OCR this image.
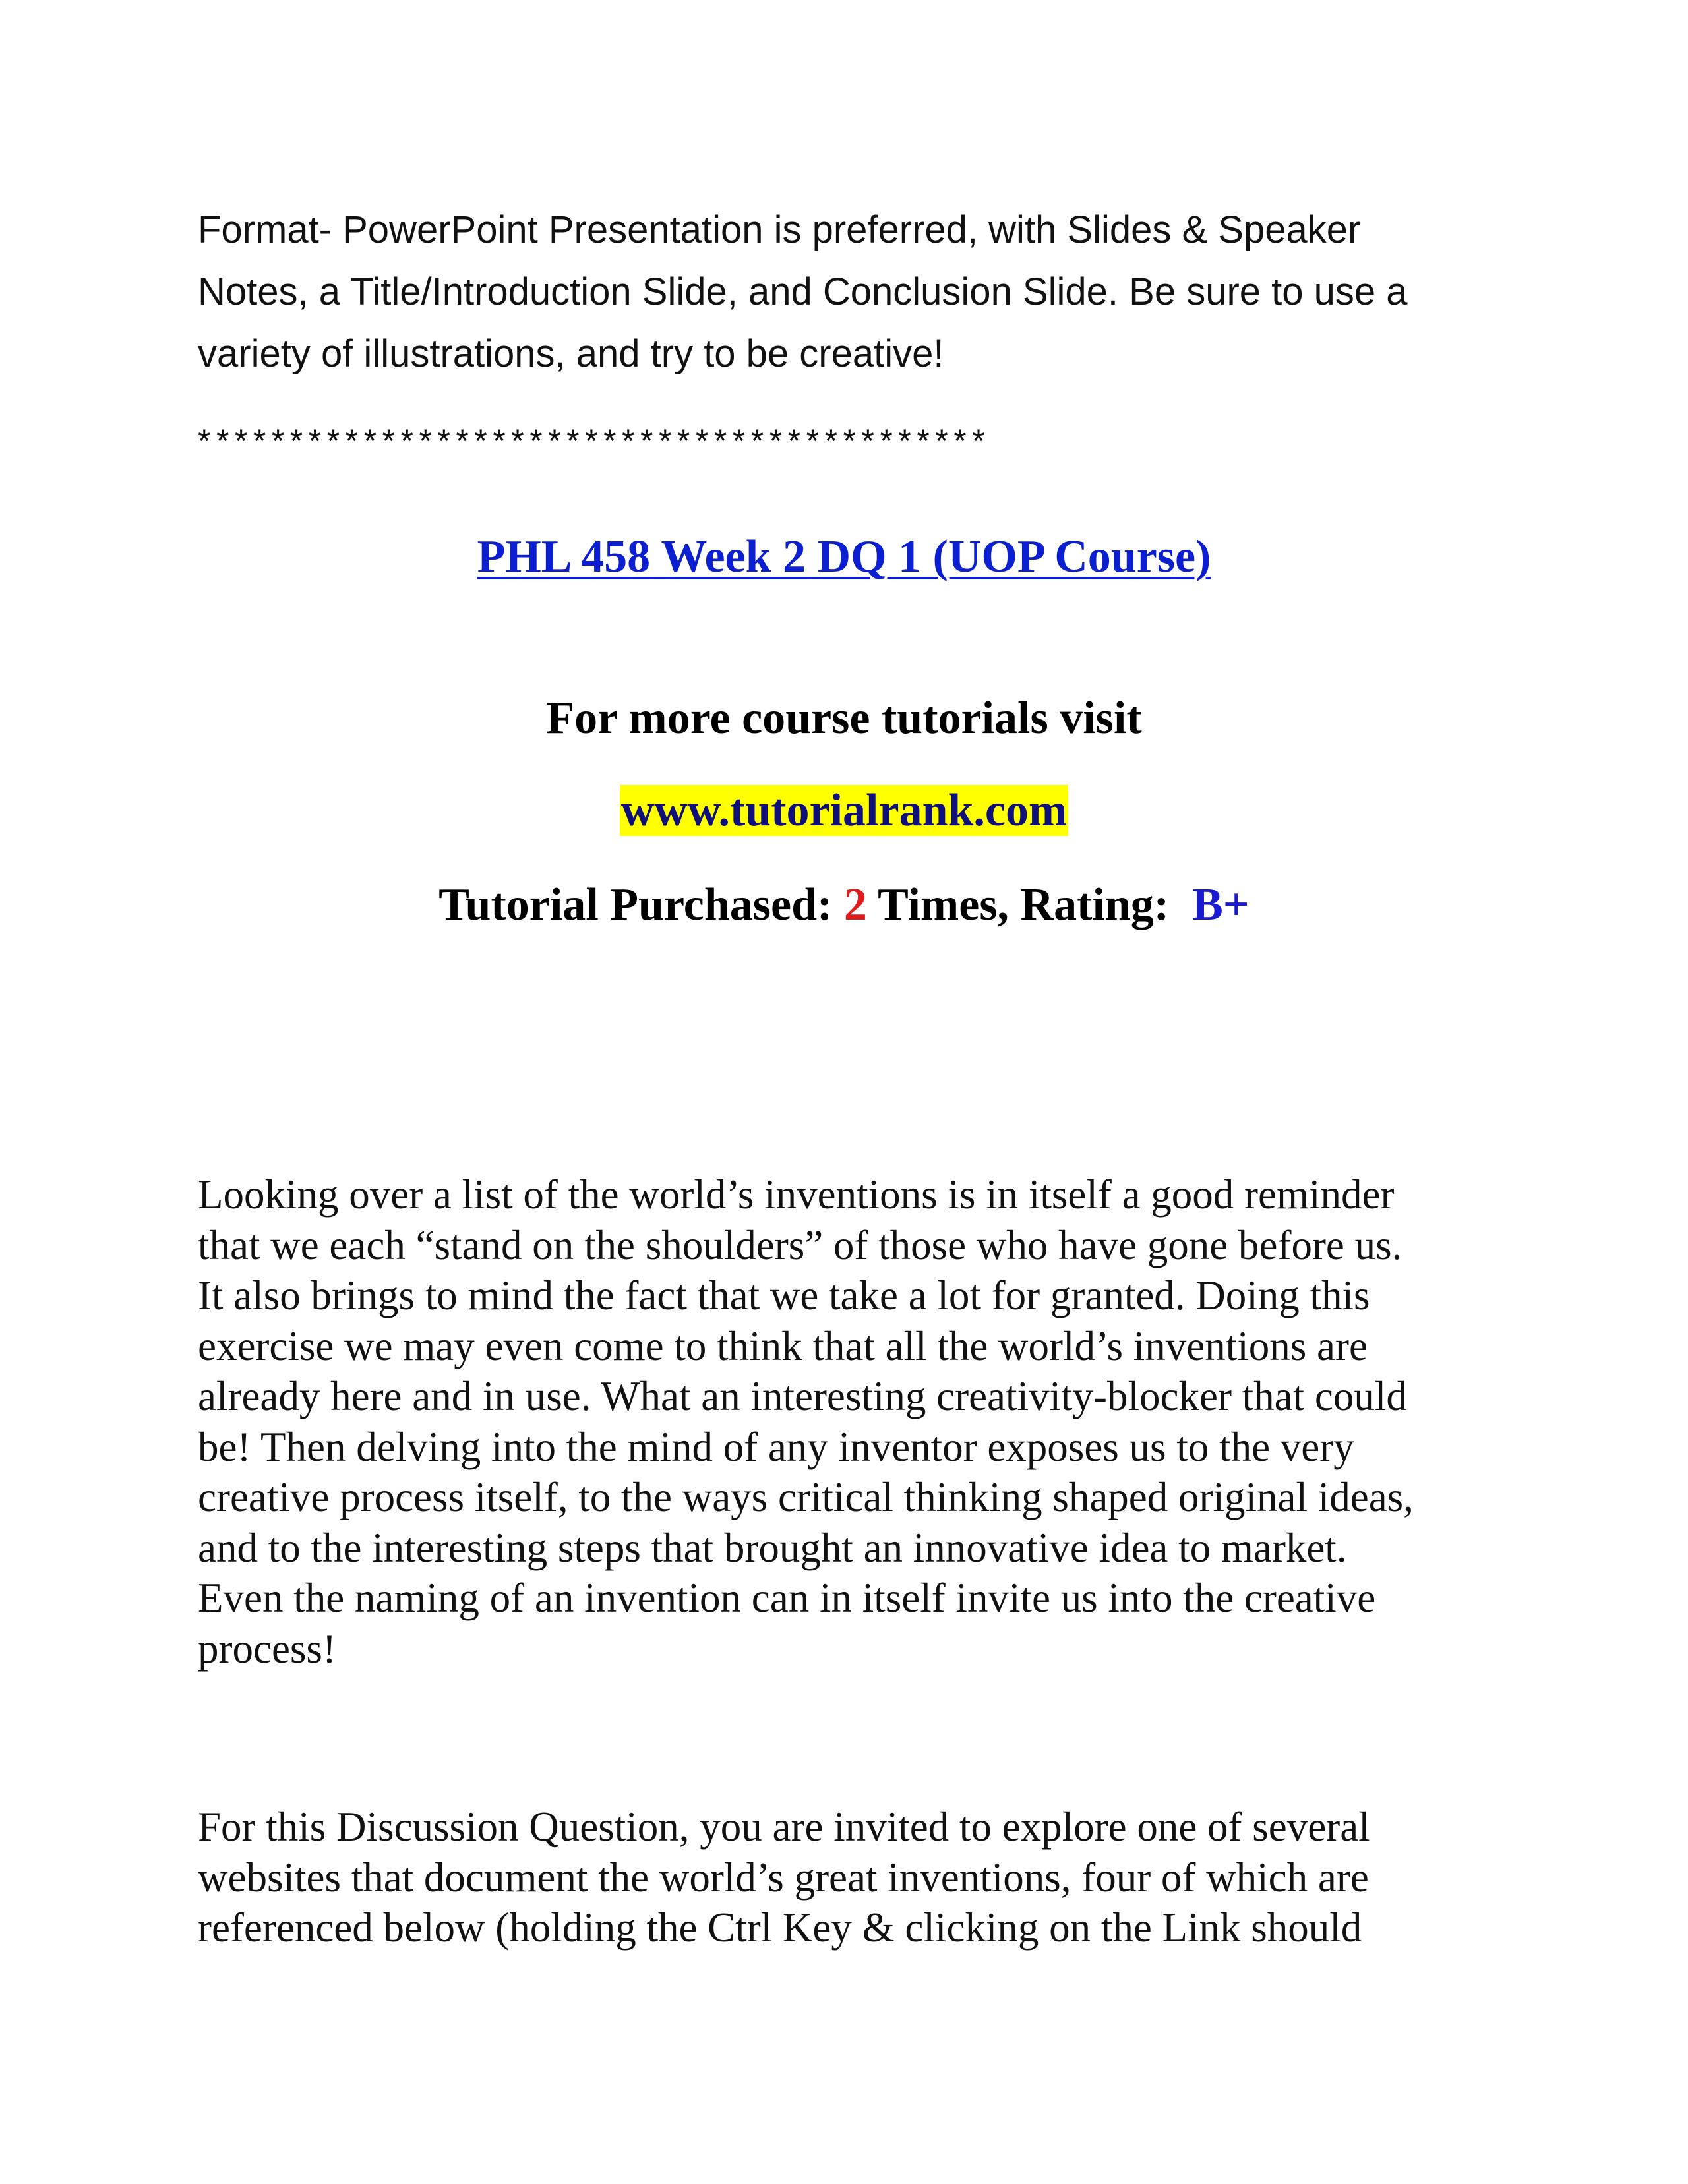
Format- PowerPoint Presentation is preferred, with Slides & Speaker
Notes, a Title/Introduction Slide, and Conclusion Slide. Be sure to use a
variety of illustrations, and try to be creative!

*******************************************

PHL 458 Week 2 DQ 1 (UOP Course)

For more course tutorials visit

www.tutorialrank.com

Tutorial Purchased: 2 Times, Rating:  B+

Looking over a list of the world’s inventions is in itself a good reminder
that we each “stand on the shoulders” of those who have gone before us.
It also brings to mind the fact that we take a lot for granted. Doing this
exercise we may even come to think that all the world’s inventions are
already here and in use. What an interesting creativity-blocker that could
be! Then delving into the mind of any inventor exposes us to the very
creative process itself, to the ways critical thinking shaped original ideas,
and to the interesting steps that brought an innovative idea to market.
Even the naming of an invention can in itself invite us into the creative
process!

For this Discussion Question, you are invited to explore one of several
websites that document the world’s great inventions, four of which are
referenced below (holding the Ctrl Key & clicking on the Link should
